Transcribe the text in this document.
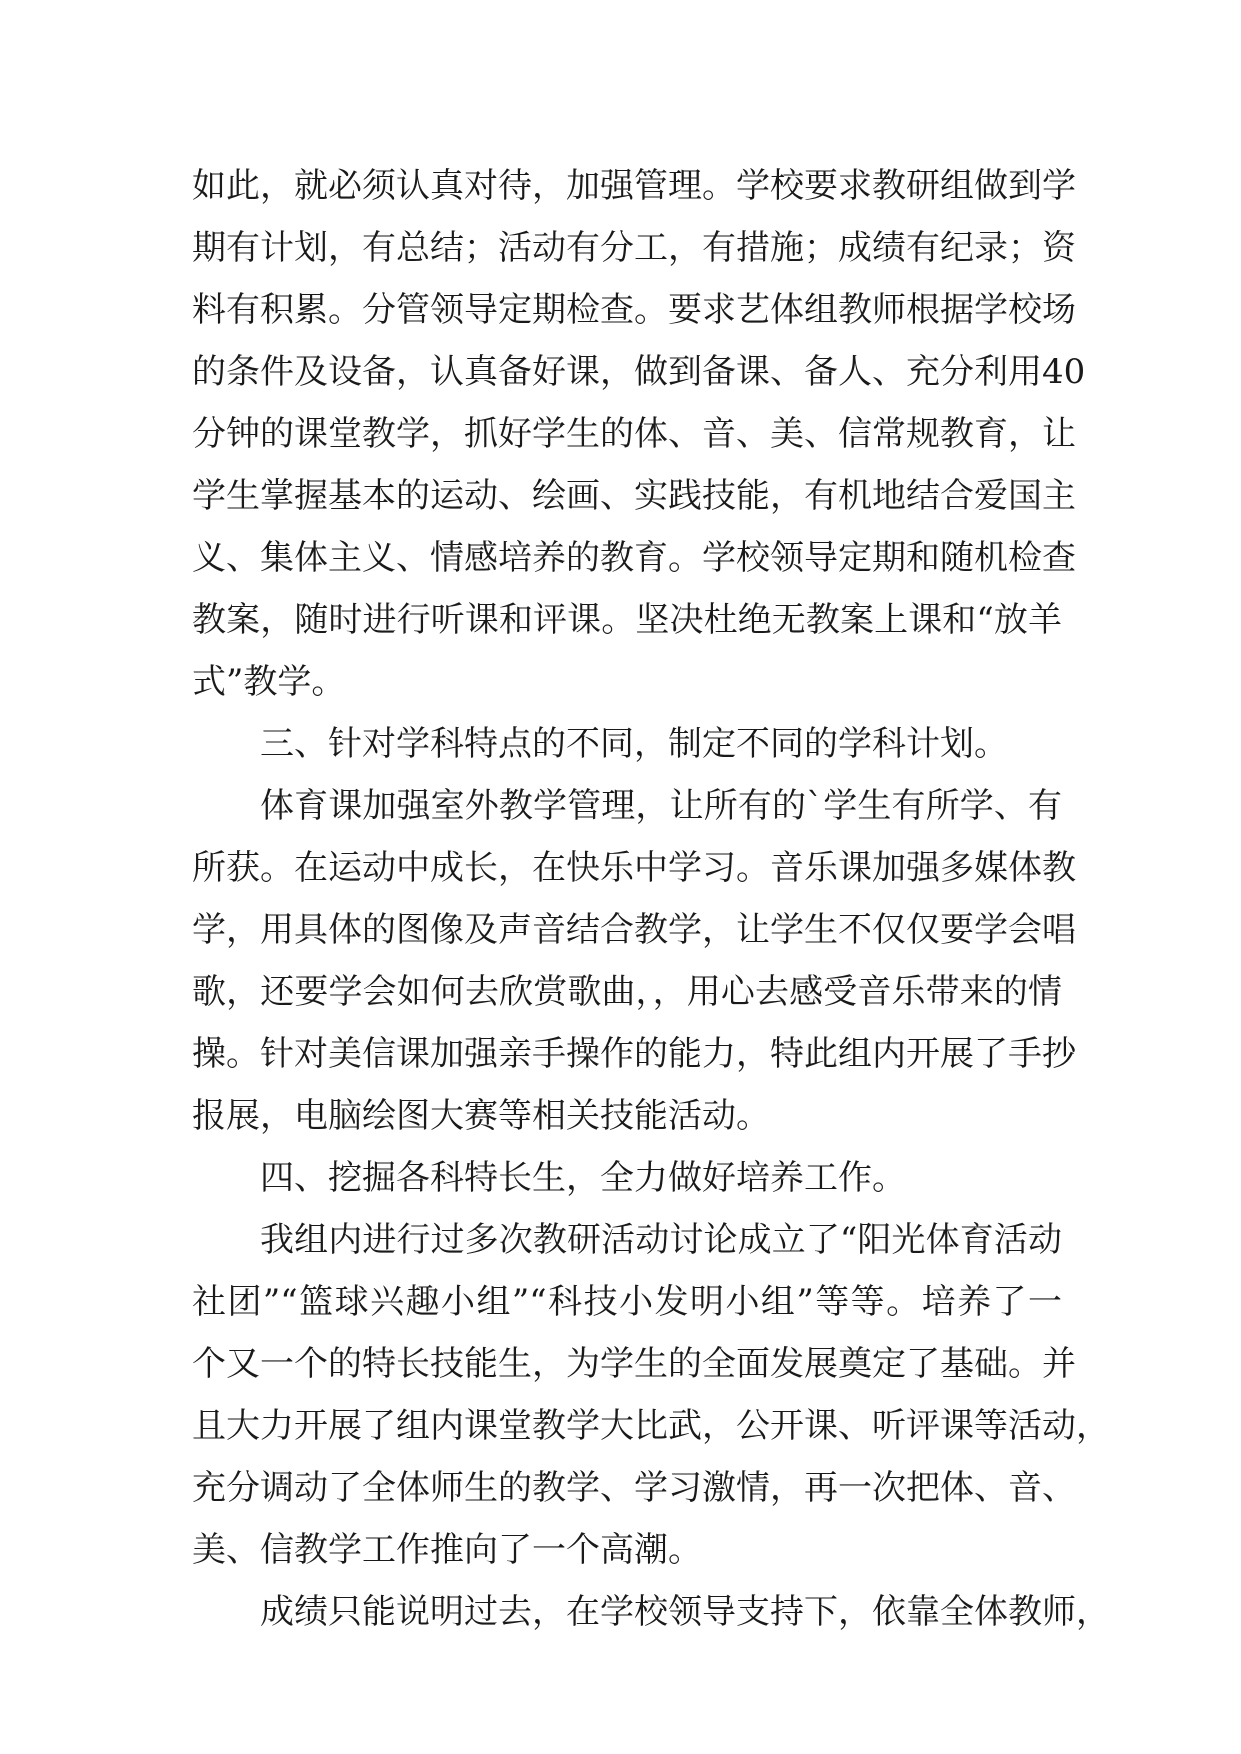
如此，就必须认真对待，加强管理。学校要求教研组做到学
期有计划，有总结；活动有分工，有措施；成绩有纪录；资
料有积累。分管领导定期检查。要求艺体组教师根据学校场
的条件及设备，认真备好课，做到备课、备人、充分利用40
分钟的课堂教学，抓好学生的体、音、美、信常规教育，让
学生掌握基本的运动、绘画、实践技能，有机地结合爱国主
义、集体主义、情感培养的教育。学校领导定期和随机检查
教案，随时进行听课和评课。坚决杜绝无教案上课和“放羊
式”教学。
三、针对学科特点的不同，制定不同的学科计划。
体育课加强室外教学管理，让所有的`学生有所学、有
所获。在运动中成长，在快乐中学习。音乐课加强多媒体教
学，用具体的图像及声音结合教学，让学生不仅仅要学会唱
歌，还要学会如何去欣赏歌曲，，用心去感受音乐带来的情
操。针对美信课加强亲手操作的能力，特此组内开展了手抄
报展，电脑绘图大赛等相关技能活动。
四、挖掘各科特长生，全力做好培养工作。
我组内进行过多次教研活动讨论成立了“阳光体育活动
社团”“篮球兴趣小组”“科技小发明小组”等等。培养了一
个又一个的特长技能生，为学生的全面发展奠定了基础。并
且大力开展了组内课堂教学大比武，公开课、听评课等活动，
充分调动了全体师生的教学、学习激情，再一次把体、音、
美、信教学工作推向了一个高潮。
成绩只能说明过去，在学校领导支持下，依靠全体教师，
